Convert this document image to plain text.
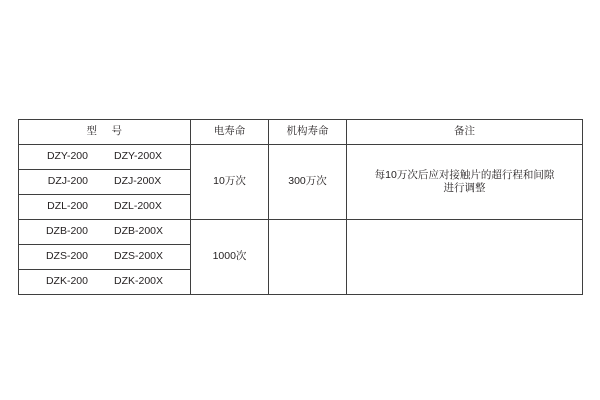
型 号	电寿命	机构寿命	备注

DZY-200 DZY-200X	10万次	300万次	每10万次后应对接触片的超行程和间隙
进行调整

DZJ-200 DZJ-200X			

DZL-200 DZL-200X			

DZB-200 DZB-200X	1000次		

DZS-200 DZS-200X			

DZK-200 DZK-200X			
